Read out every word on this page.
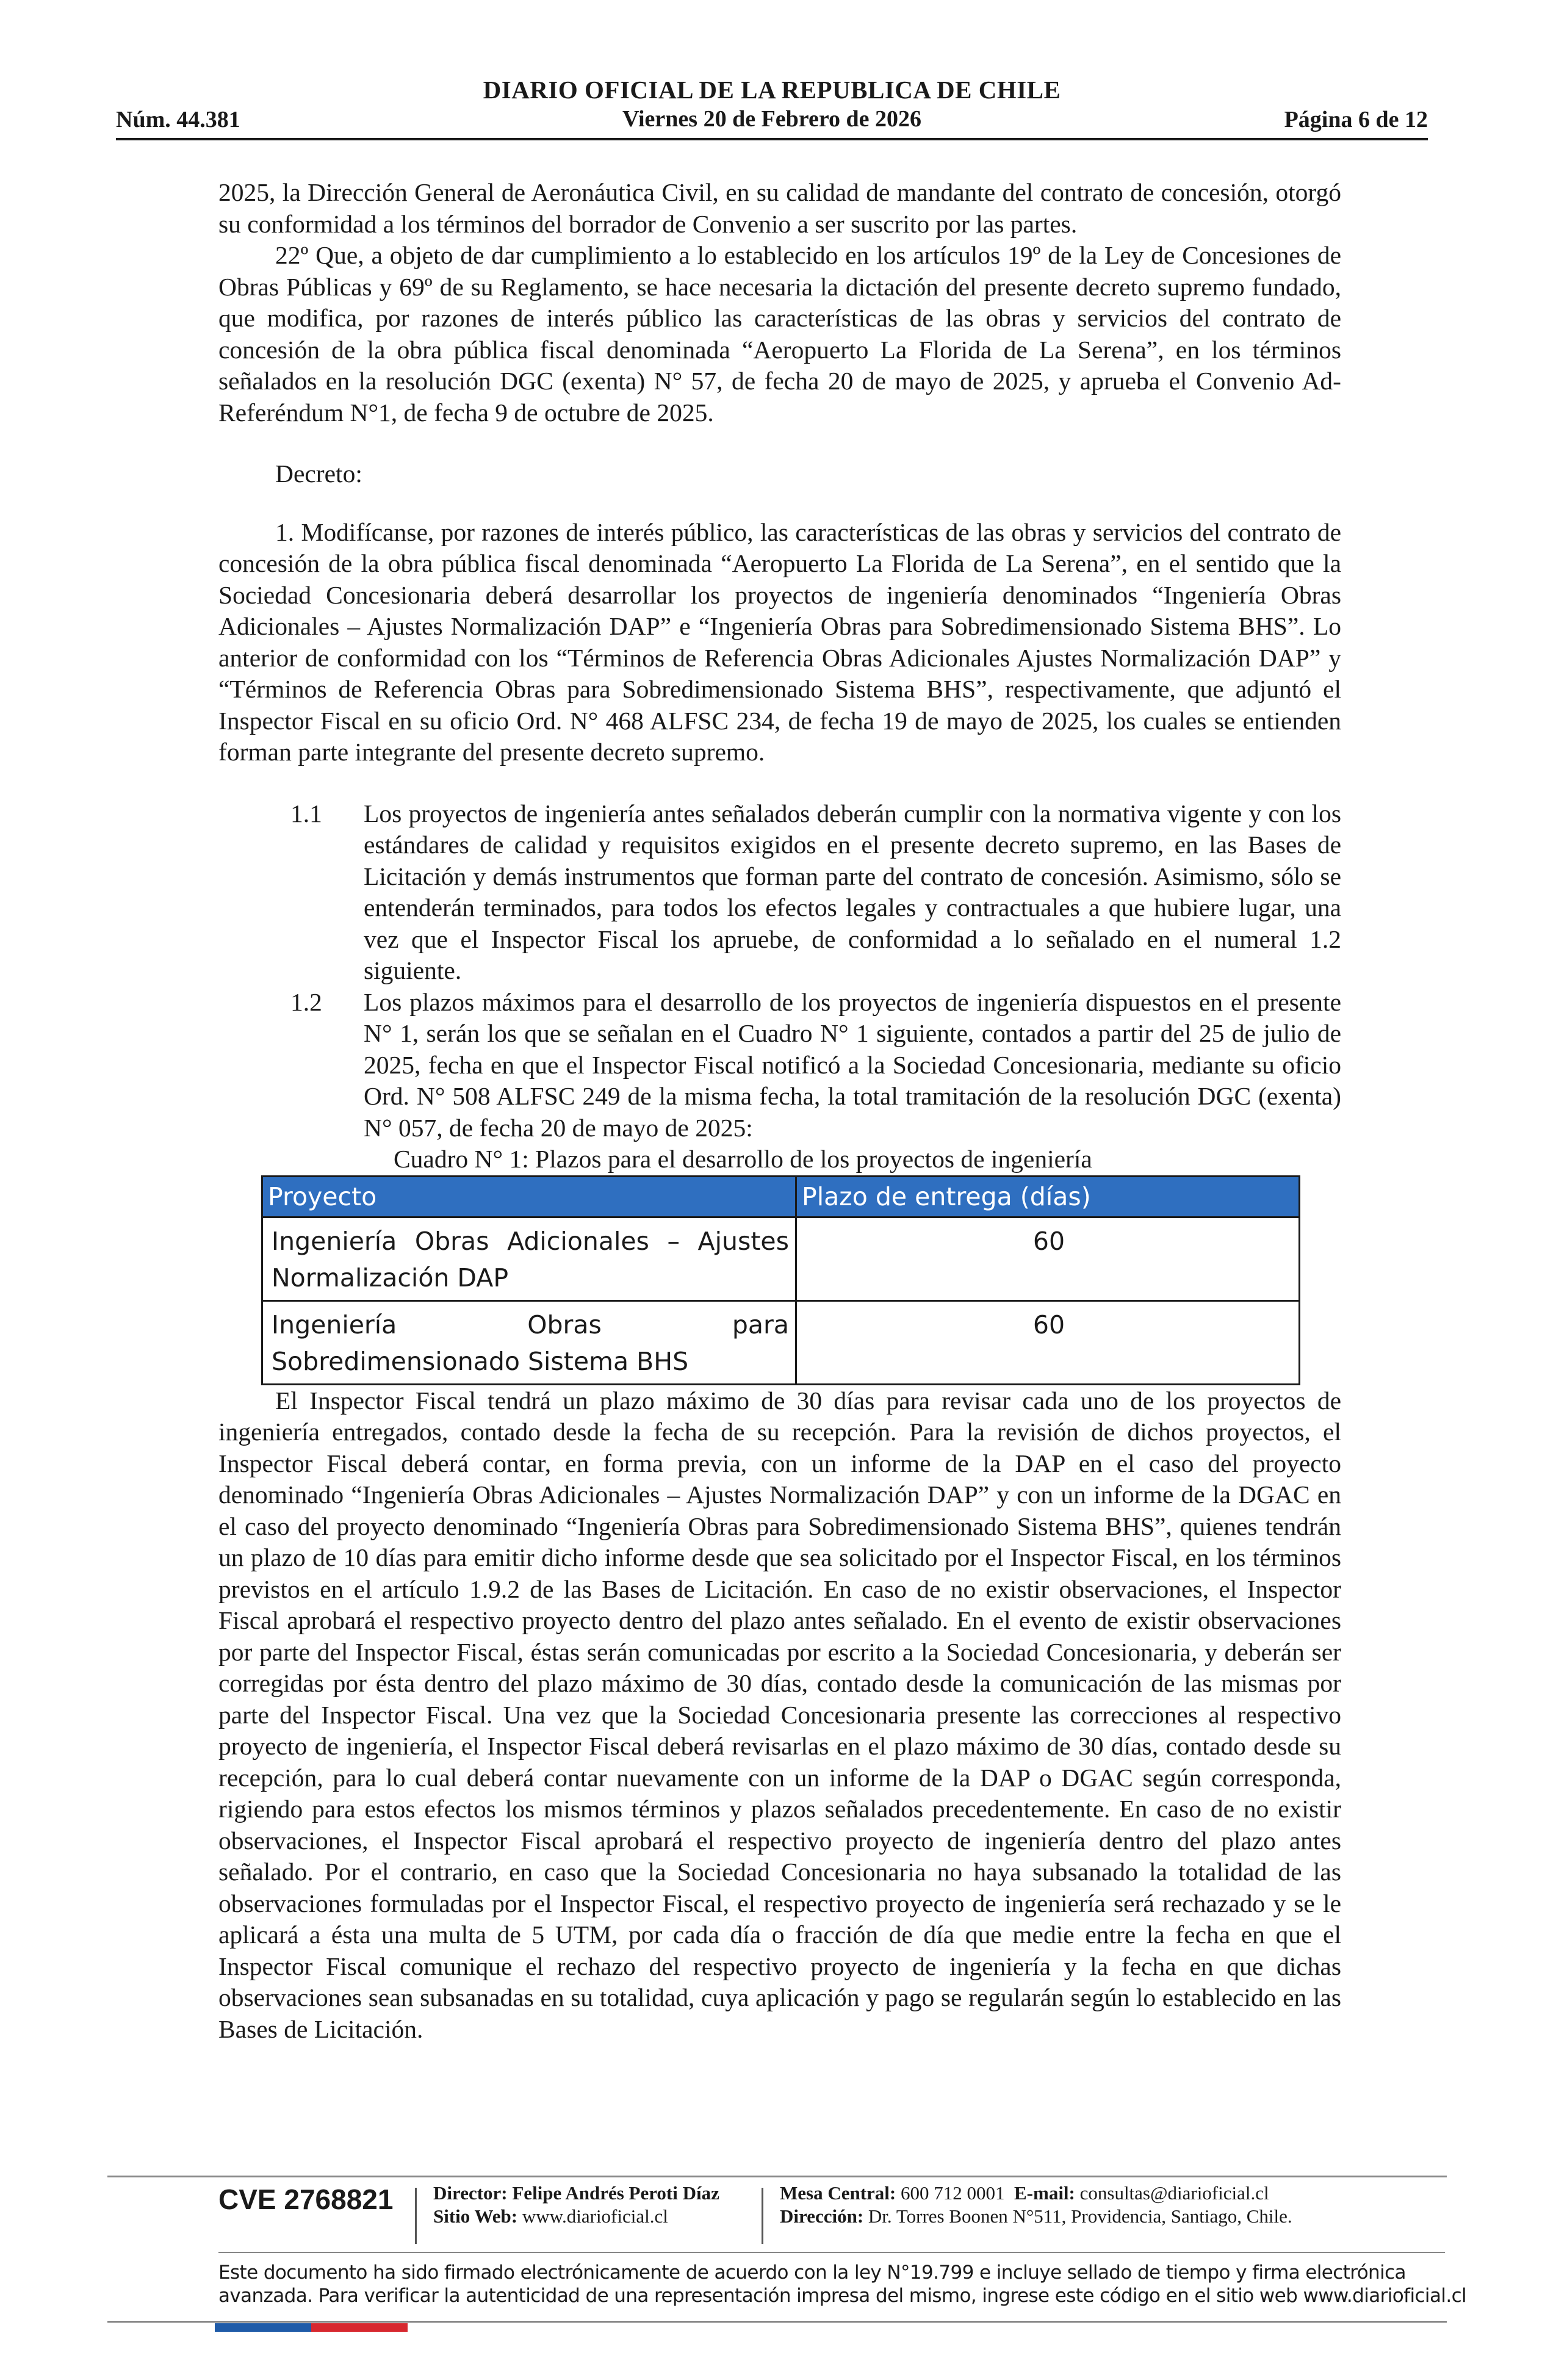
Núm. 44.381
DIARIO OFICIAL DE LA REPUBLICA DE CHILE
Viernes 20 de Febrero de 2026	Página 6 de 12

2025, la Dirección General de Aeronáutica Civil, en su calidad de mandante del contrato de concesión, otorgó su conformidad a los términos del borrador de Convenio a ser suscrito por las partes.

22º Que, a objeto de dar cumplimiento a lo establecido en los artículos 19º de la Ley de Concesiones de Obras Públicas y 69º de su Reglamento, se hace necesaria la dictación del presente decreto supremo fundado, que modifica, por razones de interés público las características de las obras y servicios del contrato de concesión de la obra pública fiscal denominada “Aeropuerto La Florida de La Serena”, en los términos señalados en la resolución DGC (exenta) N° 57, de fecha 20 de mayo de 2025, y aprueba el Convenio Ad-Referéndum N°1, de fecha 9 de octubre de 2025.

Decreto:

1. Modifícanse, por razones de interés público, las características de las obras y servicios del contrato de concesión de la obra pública fiscal denominada “Aeropuerto La Florida de La Serena”, en el sentido que la Sociedad Concesionaria deberá desarrollar los proyectos de ingeniería denominados “Ingeniería Obras Adicionales – Ajustes Normalización DAP” e “Ingeniería Obras para Sobredimensionado Sistema BHS”. Lo anterior de conformidad con los “Términos de Referencia Obras Adicionales Ajustes Normalización DAP” y “Términos de Referencia Obras para Sobredimensionado Sistema BHS”, respectivamente, que adjuntó el Inspector Fiscal en su oficio Ord. N° 468 ALFSC 234, de fecha 19 de mayo de 2025, los cuales se entienden forman parte integrante del presente decreto supremo.

1.1	Los proyectos de ingeniería antes señalados deberán cumplir con la normativa vigente y con los estándares de calidad y requisitos exigidos en el presente decreto supremo, en las Bases de Licitación y demás instrumentos que forman parte del contrato de concesión. Asimismo, sólo se entenderán terminados, para todos los efectos legales y contractuales a que hubiere lugar, una vez que el Inspector Fiscal los apruebe, de conformidad a lo señalado en el numeral 1.2 siguiente.
1.2	Los plazos máximos para el desarrollo de los proyectos de ingeniería dispuestos en el presente N° 1, serán los que se señalan en el Cuadro N° 1 siguiente, contados a partir del 25 de julio de 2025, fecha en que el Inspector Fiscal notificó a la Sociedad Concesionaria, mediante su oficio Ord. N° 508 ALFSC 249 de la misma fecha, la total tramitación de la resolución DGC (exenta) N° 057, de fecha 20 de mayo de 2025:

Cuadro N° 1: Plazos para el desarrollo de los proyectos de ingeniería

Proyecto	Plazo de entrega (días)
Ingeniería Obras Adicionales – Ajustes Normalización DAP	60
Ingeniería Obras para Sobredimensionado Sistema BHS	60

El Inspector Fiscal tendrá un plazo máximo de 30 días para revisar cada uno de los proyectos de ingeniería entregados, contado desde la fecha de su recepción. Para la revisión de dichos proyectos, el Inspector Fiscal deberá contar, en forma previa, con un informe de la DAP en el caso del proyecto denominado “Ingeniería Obras Adicionales – Ajustes Normalización DAP” y con un informe de la DGAC en el caso del proyecto denominado “Ingeniería Obras para Sobredimensionado Sistema BHS”, quienes tendrán un plazo de 10 días para emitir dicho informe desde que sea solicitado por el Inspector Fiscal, en los términos previstos en el artículo 1.9.2 de las Bases de Licitación. En caso de no existir observaciones, el Inspector Fiscal aprobará el respectivo proyecto dentro del plazo antes señalado. En el evento de existir observaciones por parte del Inspector Fiscal, éstas serán comunicadas por escrito a la Sociedad Concesionaria, y deberán ser corregidas por ésta dentro del plazo máximo de 30 días, contado desde la comunicación de las mismas por parte del Inspector Fiscal. Una vez que la Sociedad Concesionaria presente las correcciones al respectivo proyecto de ingeniería, el Inspector Fiscal deberá revisarlas en el plazo máximo de 30 días, contado desde su recepción, para lo cual deberá contar nuevamente con un informe de la DAP o DGAC según corresponda, rigiendo para estos efectos los mismos términos y plazos señalados precedentemente. En caso de no existir observaciones, el Inspector Fiscal aprobará el respectivo proyecto de ingeniería dentro del plazo antes señalado. Por el contrario, en caso que la Sociedad Concesionaria no haya subsanado la totalidad de las observaciones formuladas por el Inspector Fiscal, el respectivo proyecto de ingeniería será rechazado y se le aplicará a ésta una multa de 5 UTM, por cada día o fracción de día que medie entre la fecha en que el Inspector Fiscal comunique el rechazo del respectivo proyecto de ingeniería y la fecha en que dichas observaciones sean subsanadas en su totalidad, cuya aplicación y pago se regularán según lo establecido en las Bases de Licitación.

CVE 2768821 Director: Felipe Andrés Peroti Díaz
Sitio Web: www.diarioficial.cl
Mesa Central: 600 712 0001 E-mail: consultas@diarioficial.cl
Dirección: Dr. Torres Boonen N°511, Providencia, Santiago, Chile.
Este documento ha sido firmado electrónicamente de acuerdo con la ley N°19.799 e incluye sellado de tiempo y firma electrónica avanzada. Para verificar la autenticidad de una representación impresa del mismo, ingrese este código en el sitio web www.diarioficial.cl
